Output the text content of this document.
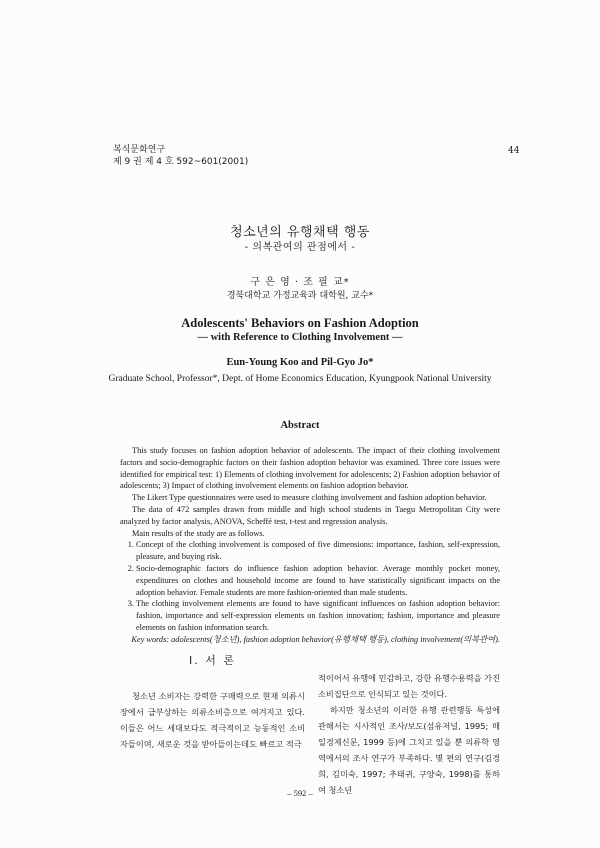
복식문화연구
제 9 권 제 4 호 592~601(2001)
44
청소년의 유행채택 행동
- 의복관여의 관점에서 -
구 은 영 · 조 필 교*
경북대학교 가정교육과 대학원, 교수*
Adolescents' Behaviors on Fashion Adoption
— with Reference to Clothing Involvement —
Eun-Young Koo and Pil-Gyo Jo*
Graduate School, Professor*, Dept. of Home Economics Education, Kyungpook National University
Abstract

This study focuses on fashion adoption behavior of adolescents. The impact of their clothing involvement factors and socio-demographic factors on their fashion adoption behavior was examined. Three core issues were identified for empirical test: 1) Elements of clothing involvement for adolescents; 2) Fashion adoption behavior of adolescents; 3) Impact of clothing involvement elements on fashion adoption behavior.

The Likert Type questionnaires were used to measure clothing involvement and fashion adoption behavior.

The data of 472 samples drawn from middle and high school students in Taegu Metropolitan City were analyzed by factor analysis, ANOVA, Scheffé test, t-test and regression analysis.

Main results of the study are as follows.

1. Concept of the clothing involvement is composed of five dimensions: importance, fashion, self-expression, pleasure, and buying risk.
2. Socio-demographic factors do influence fashion adoption behavior. Average monthly pocket money, expenditures on clothes and household income are found to have statistically significant impacts on the adoption behavior. Female students are more fashion-oriented than male students.
3. The clothing involvement elements are found to have significant influences on fashion adoption behavior: fashion, importance and self-expression elements on fashion innovation; fashion, importance and pleasure elements on fashion information search.

Key words: adolescents(청소년), fashion adoption behavior(유행채택 행동), clothing involvement(의복관여).

Ⅰ. 서 론

청소년 소비자는 강력한 구매력으로 현재 의류시장에서 급부상하는 의류소비층으로 여겨지고 있다. 이들은 어느 세대보다도 적극적이고 능동적인 소비자들이며, 새로운 것을 받아들이는데도 빠르고 적극

적이어서 유행에 민감하고, 강한 유행수용력을 가진 소비집단으로 인식되고 있는 것이다.

하지만 청소년의 이러한 유행 관련행동 특성에 관해서는 시사적인 조사/보도(섬유저널, 1995; 매일경제신문, 1999 등)에 그치고 있을 뿐 의류학 영역에서의 조사 연구가 부족하다. 몇 편의 연구(김경희, 김미숙, 1997; 추태귀, 구양숙, 1998)를 통하여 청소년

– 592 –
